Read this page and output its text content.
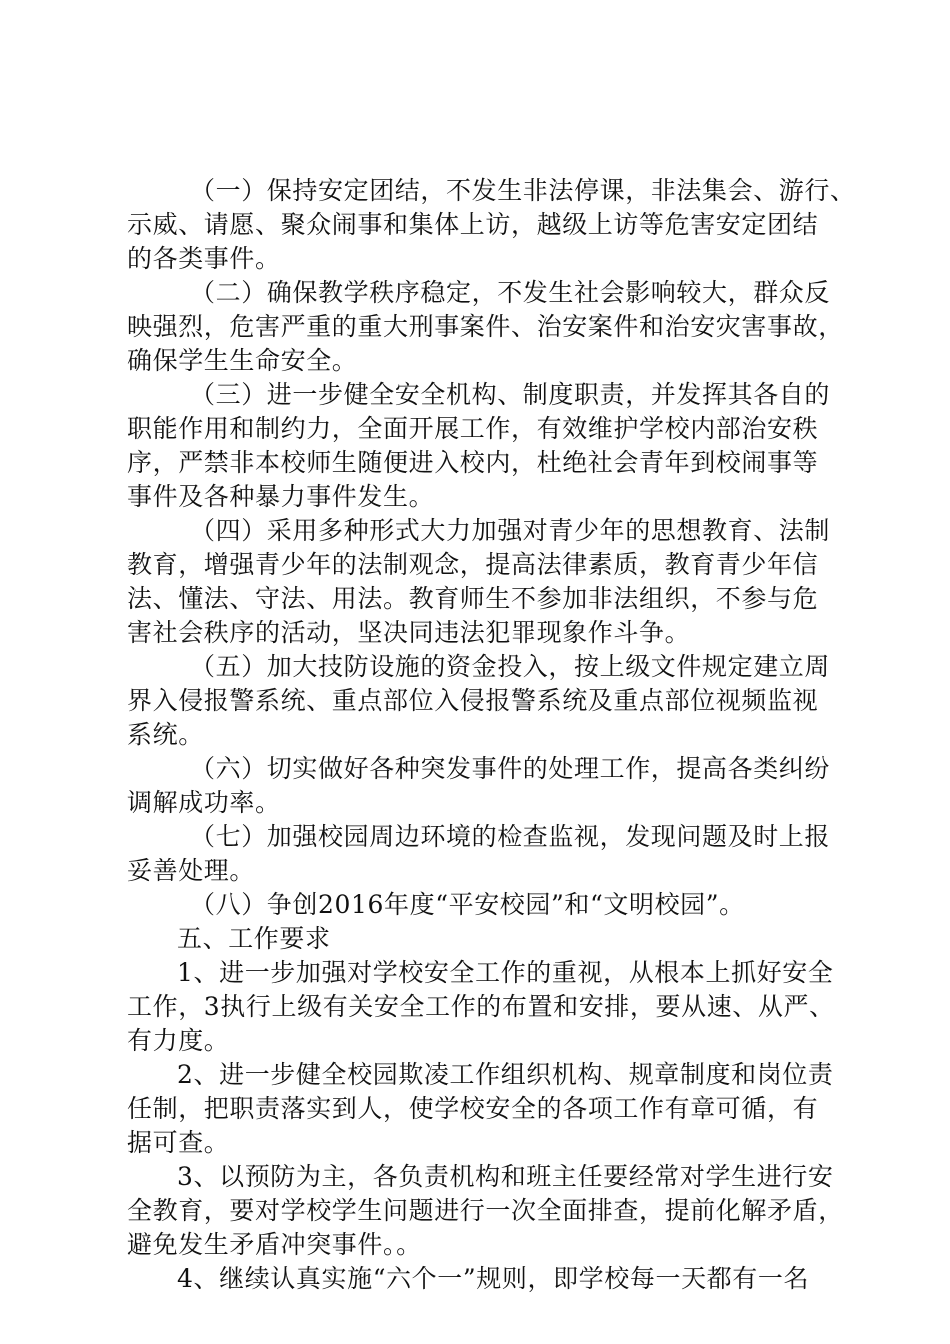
（一）保持安定团结，不发生非法停课，非法集会、游行、
示威、请愿、聚众闹事和集体上访，越级上访等危害安定团结
的各类事件。
（二）确保教学秩序稳定，不发生社会影响较大，群众反
映强烈，危害严重的重大刑事案件、治安案件和治安灾害事故，
确保学生生命安全。
（三）进一步健全安全机构、制度职责，并发挥其各自的
职能作用和制约力，全面开展工作，有效维护学校内部治安秩
序，严禁非本校师生随便进入校内，杜绝社会青年到校闹事等
事件及各种暴力事件发生。
（四）采用多种形式大力加强对青少年的思想教育、法制
教育，增强青少年的法制观念，提高法律素质，教育青少年信
法、懂法、守法、用法。教育师生不参加非法组织，不参与危
害社会秩序的活动，坚决同违法犯罪现象作斗争。
（五）加大技防设施的资金投入，按上级文件规定建立周
界入侵报警系统、重点部位入侵报警系统及重点部位视频监视
系统。
（六）切实做好各种突发事件的处理工作，提高各类纠纷
调解成功率。
（七）加强校园周边环境的检查监视，发现问题及时上报
妥善处理。
（八）争创2016年度“平安校园”和“文明校园”。
五、工作要求
1、进一步加强对学校安全工作的重视，从根本上抓好安全
工作，3执行上级有关安全工作的布置和安排，要从速、从严、
有力度。
2、进一步健全校园欺凌工作组织机构、规章制度和岗位责
任制，把职责落实到人，使学校安全的各项工作有章可循，有
据可查。
3、以预防为主，各负责机构和班主任要经常对学生进行安
全教育，要对学校学生问题进行一次全面排查，提前化解矛盾，
避免发生矛盾冲突事件。。
4、继续认真实施“六个一”规则，即学校每一天都有一名
